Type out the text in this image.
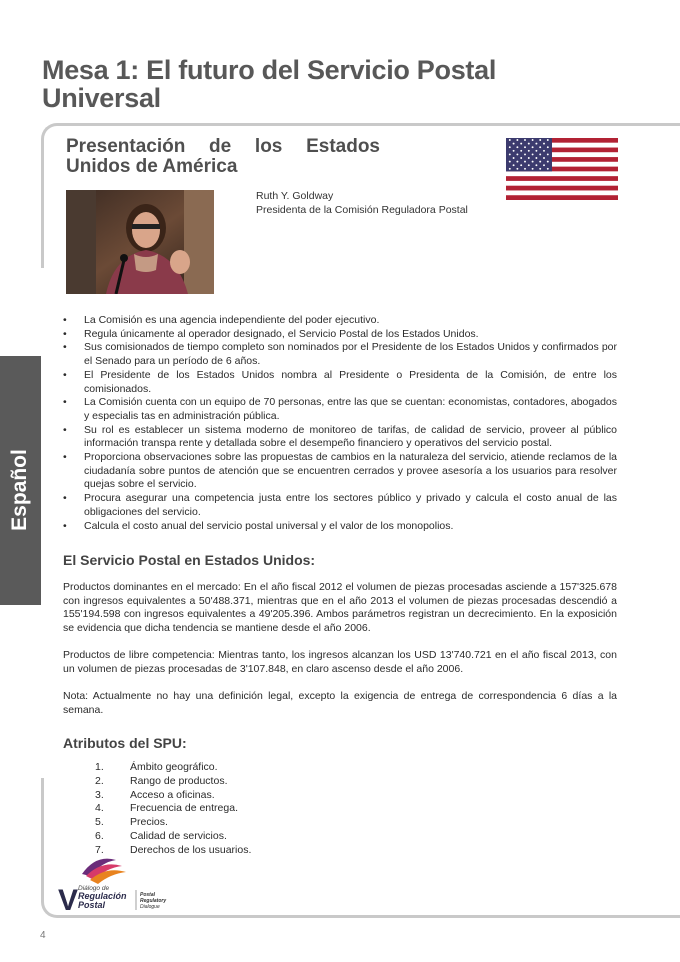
Mesa 1: El futuro del Servicio Postal Universal
Presentación de los Estados Unidos de América
Ruth Y. Goldway
Presidenta de la Comisión Reguladora Postal
• La Comisión es una agencia independiente del poder ejecutivo.
• Regula únicamente al operador designado, el Servicio Postal de los Estados Unidos.
• Sus comisionados de tiempo completo son nominados por el Presidente de los Estados Unidos y confirmados por el Senado para un período de 6 años.
• El Presidente de los Estados Unidos nombra al Presidente o Presidenta de la Comisión, de entre los comisionados.
• La Comisión cuenta con un equipo de 70 personas, entre las que se cuentan: economistas, contadores, abogados y especialis tas en administración pública.
• Su rol es establecer un sistema moderno de monitoreo de tarifas, de calidad de servicio, proveer al público información transpa rente y detallada sobre el desempeño financiero y operativos del servicio postal.
• Proporciona observaciones sobre las propuestas de cambios en la naturaleza del servicio, atiende reclamos de la ciudadanía sobre puntos de atención que se encuentren cerrados y provee asesoría a los usuarios para resolver quejas sobre el servicio.
• Procura asegurar una competencia justa entre los sectores público y privado y calcula el costo anual de las obligaciones del servicio.
• Calcula el costo anual del servicio postal universal y el valor de los monopolios.
Español
El Servicio Postal en Estados Unidos:

Productos dominantes en el mercado: En el año fiscal 2012 el volumen de piezas procesadas asciende a 157'325.678 con ingresos equivalentes a 50'488.371, mientras que en el año 2013 el volumen de piezas procesadas descendió a 155'194.598 con ingresos equivalentes a 49'205.396. Ambos parámetros registran un decrecimiento. En la exposición se evidencia que dicha tendencia se mantiene desde el año 2006.

Productos de libre competencia: Mientras tanto, los ingresos alcanzan los USD 13'740.721 en el año fiscal 2013, con un volumen de piezas procesadas de 3'107.848, en claro ascenso desde el año 2006.

Nota: Actualmente no hay una definición legal, excepto la exigencia de entrega de correspondencia 6 días a la semana.

Atributos del SPU:
1. Ámbito geográfico.
2. Rango de productos.
3. Acceso a oficinas.
4. Frecuencia de entrega.
5. Precios.
6. Calidad de servicios.
7. Derechos de los usuarios.
V Diálogo de
Regulación
Postal
Postal
Regulatory
Dialogue
4
